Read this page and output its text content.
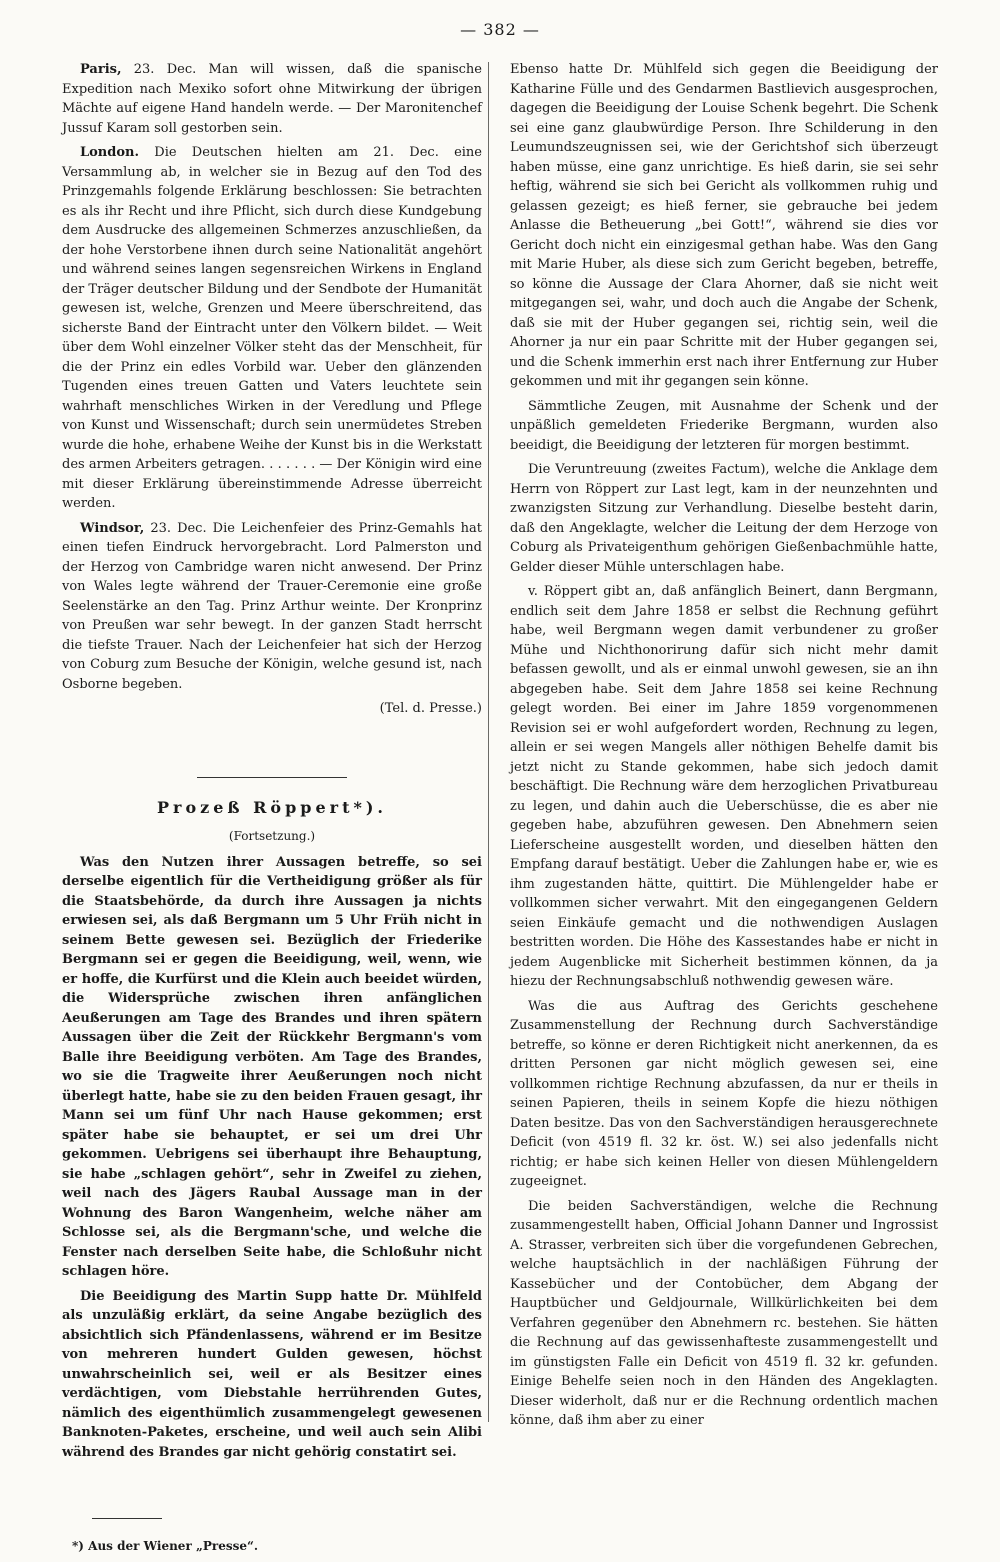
— 382 —

Paris, 23. Dec. Man will wissen, daß die spanische Expedition nach Mexiko sofort ohne Mitwirkung der übrigen Mächte auf eigene Hand handeln werde. — Der Maronitenchef Jussuf Karam soll gestorben sein.

London. Die Deutschen hielten am 21. Dec. eine Versammlung ab, in welcher sie in Bezug auf den Tod des Prinzgemahls folgende Erklärung beschlossen: Sie betrachten es als ihr Recht und ihre Pflicht, sich durch diese Kundgebung dem Ausdrucke des allgemeinen Schmerzes anzuschließen, da der hohe Verstorbene ihnen durch seine Nationalität angehört und während seines langen segensreichen Wirkens in England der Träger deutscher Bildung und der Sendbote der Humanität gewesen ist, welche, Grenzen und Meere überschreitend, das sicherste Band der Eintracht unter den Völkern bildet. — Weit über dem Wohl einzelner Völker steht das der Menschheit, für die der Prinz ein edles Vorbild war. Ueber den glänzenden Tugenden eines treuen Gatten und Vaters leuchtete sein wahrhaft menschliches Wirken in der Veredlung und Pflege von Kunst und Wissenschaft; durch sein unermüdetes Streben wurde die hohe, erhabene Weihe der Kunst bis in die Werkstatt des armen Arbeiters getragen. . . . . . . — Der Königin wird eine mit dieser Erklärung übereinstimmende Adresse überreicht werden.

Windsor, 23. Dec. Die Leichenfeier des Prinz-Gemahls hat einen tiefen Eindruck hervorgebracht. Lord Palmerston und der Herzog von Cambridge waren nicht anwesend. Der Prinz von Wales legte während der Trauer-Ceremonie eine große Seelenstärke an den Tag. Prinz Arthur weinte. Der Kronprinz von Preußen war sehr bewegt. In der ganzen Stadt herrscht die tiefste Trauer. Nach der Leichenfeier hat sich der Herzog von Coburg zum Besuche der Königin, welche gesund ist, nach Osborne begeben.

(Tel. d. Presse.)

Prozeß Röppert*).

(Fortsetzung.)

Was den Nutzen ihrer Aussagen betreffe, so sei derselbe eigentlich für die Vertheidigung größer als für die Staatsbehörde, da durch ihre Aussagen ja nichts erwiesen sei, als daß Bergmann um 5 Uhr Früh nicht in seinem Bette gewesen sei. Bezüglich der Friederike Bergmann sei er gegen die Beeidigung, weil, wenn, wie er hoffe, die Kurfürst und die Klein auch beeidet würden, die Widersprüche zwischen ihren anfänglichen Aeußerungen am Tage des Brandes und ihren spätern Aussagen über die Zeit der Rückkehr Bergmann's vom Balle ihre Beeidigung verböten. Am Tage des Brandes, wo sie die Tragweite ihrer Aeußerungen noch nicht überlegt hatte, habe sie zu den beiden Frauen gesagt, ihr Mann sei um fünf Uhr nach Hause gekommen; erst später habe sie behauptet, er sei um drei Uhr gekommen. Uebrigens sei überhaupt ihre Behauptung, sie habe „schlagen gehört“, sehr in Zweifel zu ziehen, weil nach des Jägers Raubal Aussage man in der Wohnung des Baron Wangenheim, welche näher am Schlosse sei, als die Bergmann'sche, und welche die Fenster nach derselben Seite habe, die Schloßuhr nicht schlagen höre.

Die Beeidigung des Martin Supp hatte Dr. Mühlfeld als unzuläßig erklärt, da seine Angabe bezüglich des absichtlich sich Pfändenlassens, während er im Besitze von mehreren hundert Gulden gewesen, höchst unwahrscheinlich sei, weil er als Besitzer eines verdächtigen, vom Diebstahle herrührenden Gutes, nämlich des eigenthümlich zusammengelegt gewesenen Banknoten-Paketes, erscheine, und weil auch sein Alibi während des Brandes gar nicht gehörig constatirt sei.

*) Aus der Wiener „Presse“.

Ebenso hatte Dr. Mühlfeld sich gegen die Beeidigung der Katharine Fülle und des Gendarmen Bastlievich ausgesprochen, dagegen die Beeidigung der Louise Schenk begehrt. Die Schenk sei eine ganz glaubwürdige Person. Ihre Schilderung in den Leumundszeugnissen sei, wie der Gerichtshof sich überzeugt haben müsse, eine ganz unrichtige. Es hieß darin, sie sei sehr heftig, während sie sich bei Gericht als vollkommen ruhig und gelassen gezeigt; es hieß ferner, sie gebrauche bei jedem Anlasse die Betheuerung „bei Gott!“, während sie dies vor Gericht doch nicht ein einzigesmal gethan habe. Was den Gang mit Marie Huber, als diese sich zum Gericht begeben, betreffe, so könne die Aussage der Clara Ahorner, daß sie nicht weit mitgegangen sei, wahr, und doch auch die Angabe der Schenk, daß sie mit der Huber gegangen sei, richtig sein, weil die Ahorner ja nur ein paar Schritte mit der Huber gegangen sei, und die Schenk immerhin erst nach ihrer Entfernung zur Huber gekommen und mit ihr gegangen sein könne.

Sämmtliche Zeugen, mit Ausnahme der Schenk und der unpäßlich gemeldeten Friederike Bergmann, wurden also beeidigt, die Beeidigung der letzteren für morgen bestimmt.

Die Veruntreuung (zweites Factum), welche die Anklage dem Herrn von Röppert zur Last legt, kam in der neunzehnten und zwanzigsten Sitzung zur Verhandlung. Dieselbe besteht darin, daß den Angeklagte, welcher die Leitung der dem Herzoge von Coburg als Privateigenthum gehörigen Gießenbachmühle hatte, Gelder dieser Mühle unterschlagen habe.

v. Röppert gibt an, daß anfänglich Beinert, dann Bergmann, endlich seit dem Jahre 1858 er selbst die Rechnung geführt habe, weil Bergmann wegen damit verbundener zu großer Mühe und Nichthonorirung dafür sich nicht mehr damit befassen gewollt, und als er einmal unwohl gewesen, sie an ihn abgegeben habe. Seit dem Jahre 1858 sei keine Rechnung gelegt worden. Bei einer im Jahre 1859 vorgenommenen Revision sei er wohl aufgefordert worden, Rechnung zu legen, allein er sei wegen Mangels aller nöthigen Behelfe damit bis jetzt nicht zu Stande gekommen, habe sich jedoch damit beschäftigt. Die Rechnung wäre dem herzoglichen Privatbureau zu legen, und dahin auch die Ueberschüsse, die es aber nie gegeben habe, abzuführen gewesen. Den Abnehmern seien Lieferscheine ausgestellt worden, und dieselben hätten den Empfang darauf bestätigt. Ueber die Zahlungen habe er, wie es ihm zugestanden hätte, quittirt. Die Mühlengelder habe er vollkommen sicher verwahrt. Mit den eingegangenen Geldern seien Einkäufe gemacht und die nothwendigen Auslagen bestritten worden. Die Höhe des Kassestandes habe er nicht in jedem Augenblicke mit Sicherheit bestimmen können, da ja hiezu der Rechnungsabschluß nothwendig gewesen wäre.

Was die aus Auftrag des Gerichts geschehene Zusammenstellung der Rechnung durch Sachverständige betreffe, so könne er deren Richtigkeit nicht anerkennen, da es dritten Personen gar nicht möglich gewesen sei, eine vollkommen richtige Rechnung abzufassen, da nur er theils in seinen Papieren, theils in seinem Kopfe die hiezu nöthigen Daten besitze. Das von den Sachverständigen herausgerechnete Deficit (von 4519 fl. 32 kr. öst. W.) sei also jedenfalls nicht richtig; er habe sich keinen Heller von diesen Mühlengeldern zugeeignet.

Die beiden Sachverständigen, welche die Rechnung zusammengestellt haben, Official Johann Danner und Ingrossist A. Strasser, verbreiten sich über die vorgefundenen Gebrechen, welche hauptsächlich in der nachläßigen Führung der Kassebücher und der Contobücher, dem Abgang der Hauptbücher und Geldjournale, Willkürlichkeiten bei dem Verfahren gegenüber den Abnehmern rc. bestehen. Sie hätten die Rechnung auf das gewissenhafteste zusammengestellt und im günstigsten Falle ein Deficit von 4519 fl. 32 kr. gefunden. Einige Behelfe seien noch in den Händen des Angeklagten. Dieser widerholt, daß nur er die Rechnung ordentlich machen könne, daß ihm aber zu einer
